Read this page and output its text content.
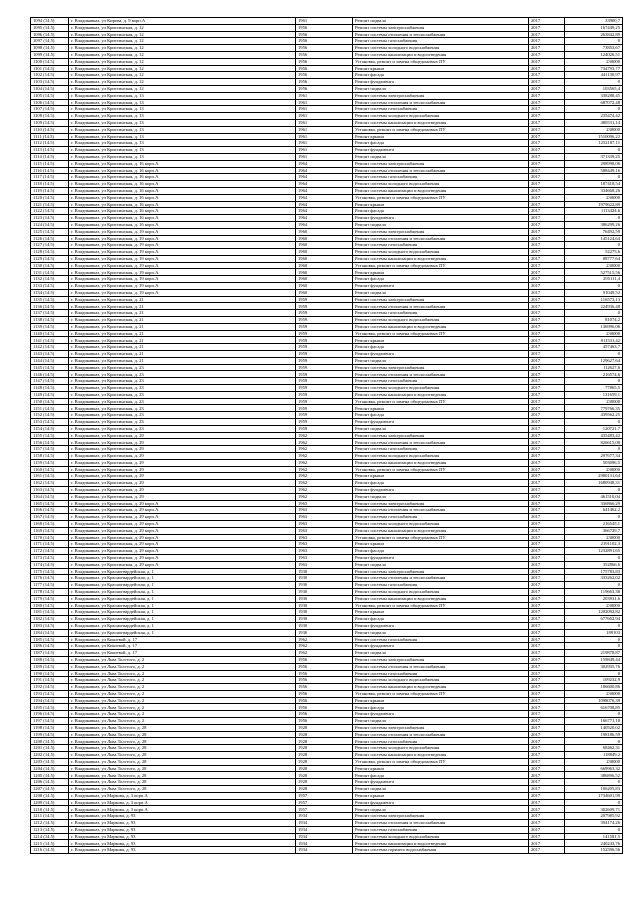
1094 (14.5)	г. Владикавказ, ул Кирова, д. 9 корп.А	1961	Ремонт подвала	2017	33900,7
1095 (14.5)	г. Владикавказ, ул Кристинская, д. 12	1956	Ремонт системы электроснабжения	2017	167449,25
1096 (14.5)	г. Владикавказ, ул Кристинская, д. 12	1956	Ремонт системы отопления и теплоснабжения	2017	263842,89
1097 (14.5)	г. Владикавказ, ул Кристинская, д. 12	1956	Ремонт системы газоснабжения	2017	0
1098 (14.5)	г. Владикавказ, ул Кристинская, д. 12	1956	Ремонт системы холодного водоснабжения	2017	73853,67
1099 (14.5)	г. Владикавказ, ул Кристинская, д. 12	1956	Ремонт системы канализации и водоотведения	2017	124026,51
1100 (14.5)	г. Владикавказ, ул Кристинская, д. 12	1956	Установка, ремонт и замена общедомовых ПУ	2017	230000
1101 (14.5)	г. Владикавказ, ул Кристинская, д. 12	1956	Ремонт крыши	2017	734793,77
1102 (14.5)	г. Владикавказ, ул Кристинская, д. 12	1956	Ремонт фасада	2017	441130,97
1103 (14.5)	г. Владикавказ, ул Кристинская, д. 12	1956	Ремонт фундамента	2017	0
1104 (14.5)	г. Владикавказ, ул Кристинская, д. 12	1956	Ремонт подвала	2017	103565,4
1105 (14.5)	г. Владикавказ, ул Кристинская, д. 13	1961	Ремонт системы электроснабжения	2017	338288,45
1106 (14.5)	г. Владикавказ, ул Кристинская, д. 13	1961	Ремонт системы отопления и теплоснабжения	2017	687072,48
1107 (14.5)	г. Владикавказ, ул Кристинская, д. 13	1961	Ремонт системы газоснабжения	2017	0
1108 (14.5)	г. Владикавказ, ул Кристинская, д. 13	1961	Ремонт системы холодного водоснабжения	2017	235474,42
1109 (14.5)	г. Владикавказ, ул Кристинская, д. 13	1961	Ремонт системы канализации и водоотведения	2017	480531,14
1110 (14.5)	г. Владикавказ, ул Кристинская, д. 13	1961	Установка, ремонт и замена общедомовых ПУ	2017	230000
1111 (14.5)	г. Владикавказ, ул Кристинская, д. 13	1961	Ремонт крыши	2017	1510096,22
1112 (14.5)	г. Владикавказ, ул Кристинская, д. 13	1961	Ремонт фасада	2017	1252187,11
1113 (14.5)	г. Владикавказ, ул Кристинская, д. 13	1961	Ремонт фундамента	2017	0
1114 (14.5)	г. Владикавказ, ул Кристинская, д. 13	1961	Ремонт подвала	2017	371339,25
1115 (14.5)	г. Владикавказ, ул Кристинская, д. 16 корп.А	1964	Ремонт системы электроснабжения	2017	298998,06
1116 (14.5)	г. Владикавказ, ул Кристинская, д. 16 корп.А	1964	Ремонт системы отопления и теплоснабжения	2017	588449,16
1117 (14.5)	г. Владикавказ, ул Кристинская, д. 16 корп.А	1964	Ремонт системы газоснабжения	2017	0
1118 (14.5)	г. Владикавказ, ул Кристинская, д. 16 корп.А	1964	Ремонт системы холодного водоснабжения	2017	187418,54
1119 (14.5)	г. Владикавказ, ул Кристинская, д. 16 корп.А	1964	Ремонт системы канализации и водоотведения	2017	334668,26
1120 (14.5)	г. Владикавказ, ул Кристинская, д. 16 корп.А	1964	Установка, ремонт и замена общедомовых ПУ	2017	230000
1121 (14.5)	г. Владикавказ, ул Кристинская, д. 16 корп.А	1964	Ремонт крыши	2017	1979622,89
1122 (14.5)	г. Владикавказ, ул Кристинская, д. 16 корп.А	1964	Ремонт фасада	2017	1113424,6
1123 (14.5)	г. Владикавказ, ул Кристинская, д. 16 корп.А	1964	Ремонт фундамента	2017	0
1124 (14.5)	г. Владикавказ, ул Кристинская, д. 16 корп.А	1964	Ремонт подвала	2017	386299,26
1125 (14.5)	г. Владикавказ, ул Кристинская, д. 19 корп.А	1960	Ремонт системы электроснабжения	2017	76492,59
1126 (14.5)	г. Владикавказ, ул Кристинская, д. 19 корп.А	1960	Ремонт системы отопления и теплоснабжения	2017	145124,64
1127 (14.5)	г. Владикавказ, ул Кристинская, д. 19 корп.А	1960	Ремонт системы газоснабжения	2017	0
1128 (14.5)	г. Владикавказ, ул Кристинская, д. 19 корп.А	1960	Ремонт системы холодного водоснабжения	2017	52275,6
1129 (14.5)	г. Владикавказ, ул Кристинская, д. 19 корп.А	1960	Ремонт системы канализации и водоотведения	2017	88777,64
1130 (14.5)	г. Владикавказ, ул Кристинская, д. 19 корп.А	1960	Установка, ремонт и замена общедомовых ПУ	2017	230000
1131 (14.5)	г. Владикавказ, ул Кристинская, д. 19 корп.А	1960	Ремонт крыши	2017	527515,56
1132 (14.5)	г. Владикавказ, ул Кристинская, д. 19 корп.А	1960	Ремонт фасада	2017	295111,4
1133 (14.5)	г. Владикавказ, ул Кристинская, д. 19 корп.А	1960	Ремонт фундамента	2017	0
1134 (14.5)	г. Владикавказ, ул Кристинская, д. 19 корп.А	1960	Ремонт подвала	2017	91049,52
1135 (14.5)	г. Владикавказ, ул Кристинская, д. 21	1959	Ремонт системы электроснабжения	2017	116573,13
1136 (14.5)	г. Владикавказ, ул Кристинская, д. 21	1959	Ремонт системы отопления и теплоснабжения	2017	224936,48
1137 (14.5)	г. Владикавказ, ул Кристинская, д. 21	1959	Ремонт системы газоснабжения	2017	0
1138 (14.5)	г. Владикавказ, ул Кристинская, д. 21	1959	Ремонт системы холодного водоснабжения	2017	81074,2
1139 (14.5)	г. Владикавказ, ул Кристинская, д. 21	1959	Ремонт системы канализации и водоотведения	2017	136996,06
1140 (14.5)	г. Владикавказ, ул Кристинская, д. 21	1959	Установка, ремонт и замена общедомовых ПУ	2017	230000
1141 (14.5)	г. Владикавказ, ул Кристинская, д. 21	1959	Ремонт крыши	2017	811531,42
1142 (14.5)	г. Владикавказ, ул Кристинская, д. 21	1959	Ремонт фасада	2017	457463,7
1143 (14.5)	г. Владикавказ, ул Кристинская, д. 21	1959	Ремонт фундамента	2017	0
1144 (14.5)	г. Владикавказ, ул Кристинская, д. 21	1959	Ремонт подвала	2017	129627,64
1145 (14.5)	г. Владикавказ, ул Кристинская, д. 23	1959	Ремонт системы электроснабжения	2017	112627,6
1146 (14.5)	г. Владикавказ, ул Кристинская, д. 23	1959	Ремонт системы отопления и теплоснабжения	2017	216574,6
1147 (14.5)	г. Владикавказ, ул Кристинская, д. 23	1959	Ремонт системы газоснабжения	2017	0
1148 (14.5)	г. Владикавказ, ул Кристинская, д. 23	1959	Ремонт системы холодного водоснабжения	2017	77865,5
1149 (14.5)	г. Владикавказ, ул Кристинская, д. 23	1959	Ремонт системы канализации и водоотведения	2017	131659,1
1150 (14.5)	г. Владикавказ, ул Кристинская, д. 23	1959	Установка, ремонт и замена общедомовых ПУ	2017	230000
1151 (14.5)	г. Владикавказ, ул Кристинская, д. 23	1959	Ремонт крыши	2017	779766,35
1152 (14.5)	г. Владикавказ, ул Кристинская, д. 23	1959	Ремонт фасада	2017	439562,25
1153 (14.5)	г. Владикавказ, ул Кристинская, д. 23	1959	Ремонт фундамента	2017	0
1154 (14.5)	г. Владикавказ, ул Кристинская, д. 23	1959	Ремонт подвала	2017	120721,7
1155 (14.5)	г. Владикавказ, ул Кристинская, д. 29	1962	Ремонт системы электроснабжения	2017	435483,42
1156 (14.5)	г. Владикавказ, ул Кристинская, д. 29	1962	Ремонт системы отопления и теплоснабжения	2017	826615,08
1157 (14.5)	г. Владикавказ, ул Кристинская, д. 29	1962	Ремонт системы газоснабжения	2017	0
1158 (14.5)	г. Владикавказ, ул Кристинская, д. 29	1962	Ремонт системы холодного водоснабжения	2017	297677,34
1159 (14.5)	г. Владикавказ, ул Кристинская, д. 29	1962	Ремонт системы канализации и водоотведения	2017	503096,5
1160 (14.5)	г. Владикавказ, ул Кристинская, д. 29	1962	Установка, ремонт и замена общедомовых ПУ	2017	230000
1161 (14.5)	г. Владикавказ, ул Кристинская, д. 29	1962	Ремонт крыши	2017	2980131,64
1162 (14.5)	г. Владикавказ, ул Кристинская, д. 29	1962	Ремонт фасада	2017	1680948,31
1163 (14.5)	г. Владикавказ, ул Кристинская, д. 29	1962	Ремонт фундамента	2017	0
1164 (14.5)	г. Владикавказ, ул Кристинская, д. 29	1962	Ремонт подвала	2017	461510,04
1165 (14.5)	г. Владикавказ, ул Кристинская, д. 29 корп.А	1963	Ремонт системы электроснабжения	2017	336866,29
1166 (14.5)	г. Владикавказ, ул Кристинская, д. 29 корп.А	1963	Ремонт системы отопления и теплоснабжения	2017	641462,2
1167 (14.5)	г. Владикавказ, ул Кристинская, д. 29 корп.А	1963	Ремонт системы газоснабжения	2017	0
1168 (14.5)	г. Владикавказ, ул Кристинская, д. 29 корп.А	1963	Ремонт системы холодного водоснабжения	2017	216545,1
1169 (14.5)	г. Владикавказ, ул Кристинская, д. 29 корп.А	1963	Ремонт системы канализации и водоотведения	2017	366729,7
1170 (14.5)	г. Владикавказ, ул Кристинская, д. 29 корп.А	1963	Установка, ремонт и замена общедомовых ПУ	2017	230000
1171 (14.5)	г. Владикавказ, ул Кристинская, д. 29 корп.А	1963	Ремонт крыши	2017	2191102,3
1172 (14.5)	г. Владикавказ, ул Кристинская, д. 29 корп.А	1963	Ремонт фасада	2017	1232891,65
1173 (14.5)	г. Владикавказ, ул Кристинская, д. 29 корп.А	1963	Ремонт фундамента	2017	0
1174 (14.5)	г. Владикавказ, ул Кристинская, д. 29 корп.А	1963	Ремонт подвала	2017	352866,6
1175 (14.5)	г. Владикавказ, ул Красногвардейская, д. 1	1930	Ремонт системы электроснабжения	2017	175783,83
1176 (14.5)	г. Владикавказ, ул Красногвардейская, д. 1	1930	Ремонт системы отопления и теплоснабжения	2017	333262,02
1177 (14.5)	г. Владикавказ, ул Красногвардейская, д. 1	1930	Ремонт системы газоснабжения	2017	0
1178 (14.5)	г. Владикавказ, ул Красногвардейская, д. 1	1930	Ремонт системы холодного водоснабжения	2017	119663,38
1179 (14.5)	г. Владикавказ, ул Красногвардейская, д. 1	1930	Ремонт системы канализации и водоотведения	2017	203931,6
1180 (14.5)	г. Владикавказ, ул Красногвардейская, д. 1	1930	Установка, ремонт и замена общедомовых ПУ	2017	230000
1181 (14.5)	г. Владикавказ, ул Красногвардейская, д. 1	1930	Ремонт крыши	2017	1202092,82
1182 (14.5)	г. Владикавказ, ул Красногвардейская, д. 1	1930	Ремонт фасада	2017	677602,94
1183 (14.5)	г. Владикавказ, ул Красногвардейская, д. 1	1930	Ремонт фундамента	2017	0
1184 (14.5)	г. Владикавказ, ул Красногвардейская, д. 1	1930	Ремонт подвала	2017	189103
1185 (14.5)	г. Владикавказ, ул Кокоевой, д. 17	1962	Ремонт системы газоснабжения	2017	0
1186 (14.5)	г. Владикавказ, ул Кокоевой, д. 17	1962	Ремонт фундамента	2017	0
1187 (14.5)	г. Владикавказ, ул Кокоевой, д. 17	1962	Ремонт подвала	2017	219878,87
1188 (14.5)	г. Владикавказ, ул Льва Толстого, д. 2	1956	Ремонт системы электроснабжения	2017	159849,44
1189 (14.5)	г. Владикавказ, ул Льва Толстого, д. 2	1956	Ремонт системы отопления и теплоснабжения	2017	302935,76
1190 (14.5)	г. Владикавказ, ул Льва Толстого, д. 2	1956	Ремонт системы газоснабжения	2017	0
1191 (14.5)	г. Владикавказ, ул Льва Толстого, д. 2	1956	Ремонт системы холодного водоснабжения	2017	109232,9
1192 (14.5)	г. Владикавказ, ул Льва Толстого, д. 2	1956	Ремонт системы канализации и водоотведения	2017	186600,86
1193 (14.5)	г. Владикавказ, ул Льва Толстого, д. 2	1956	Установка, ремонт и замена общедомовых ПУ	2017	230000
1194 (14.5)	г. Владикавказ, ул Льва Толстого, д. 2	1956	Ремонт крыши	2017	1098076,39
1195 (14.5)	г. Владикавказ, ул Льва Толстого, д. 2	1956	Ремонт фасада	2017	616708,85
1196 (14.5)	г. Владикавказ, ул Льва Толстого, д. 2	1956	Ремонт фундамента	2017	0
1197 (14.5)	г. Владикавказ, ул Льва Толстого, д. 2	1956	Ремонт подвала	2017	166771,18
1198 (14.5)	г. Владикавказ, ул Льва Толстого, д. 28	1928	Ремонт системы электроснабжения	2017	140520,02
1199 (14.5)	г. Владикавказ, ул Льва Толстого, д. 28	1928	Ремонт системы отопления и теплоснабжения	2017	198186,59
1200 (14.5)	г. Владикавказ, ул Льва Толстого, д. 28	1928	Ремонт системы газоснабжения	2017	0
1201 (14.5)	г. Владикавказ, ул Льва Толстого, д. 28	1928	Ремонт системы холодного водоснабжения	2017	68462,31
1202 (14.5)	г. Владикавказ, ул Льва Толстого, д. 28	1928	Ремонт системы канализации и водоотведения	2017	118849,2
1203 (14.5)	г. Владикавказ, ул Льва Толстого, д. 28	1928	Установка, ремонт и замена общедомовых ПУ	2017	230000
1204 (14.5)	г. Владикавказ, ул Льва Толстого, д. 28	1928	Ремонт крыши	2017	669963,32
1205 (14.5)	г. Владикавказ, ул Льва Толстого, д. 28	1928	Ремонт фасада	2017	386896,52
1206 (14.5)	г. Владикавказ, ул Льва Толстого, д. 28	1928	Ремонт фундамента	2017	0
1207 (14.5)	г. Владикавказ, ул Льва Толстого, д. 28	1928	Ремонт подвала	2017	106205,83
1208 (14.5)	г. Владикавказ, ул Маркова, д. 3 корп.А	1957	Ремонт крыши	2017	1734601,99
1209 (14.5)	г. Владикавказ, ул Маркова, д. 3 корп.А	1957	Ремонт фундамента	2017	0
1210 (14.5)	г. Владикавказ, ул Маркова, д. 3 корп.А	1957	Ремонт подвала	2017	302609,71
1211 (14.5)	г. Владикавказ, ул Маркова, д. 93	1934	Ремонт системы электроснабжения	2017	207985,92
1212 (14.5)	г. Владикавказ, ул Маркова, д. 93	1934	Ремонт системы отопления и теплоснабжения	2017	394174,26
1213 (14.5)	г. Владикавказ, ул Маркова, д. 93	1934	Ремонт системы газоснабжения	2017	0
1214 (14.5)	г. Владикавказ, ул Маркова, д. 93	1934	Ремонт системы холодного водоснабжения	2017	141581,5
1215 (14.5)	г. Владикавказ, ул Маркова, д. 93	1934	Ремонт системы канализации и водоотведения	2017	240243,76
1216 (14.5)	г. Владикавказ, ул Маркова, д. 93	1934	Ремонт системы горячего водоснабжения	2017	152596,56
